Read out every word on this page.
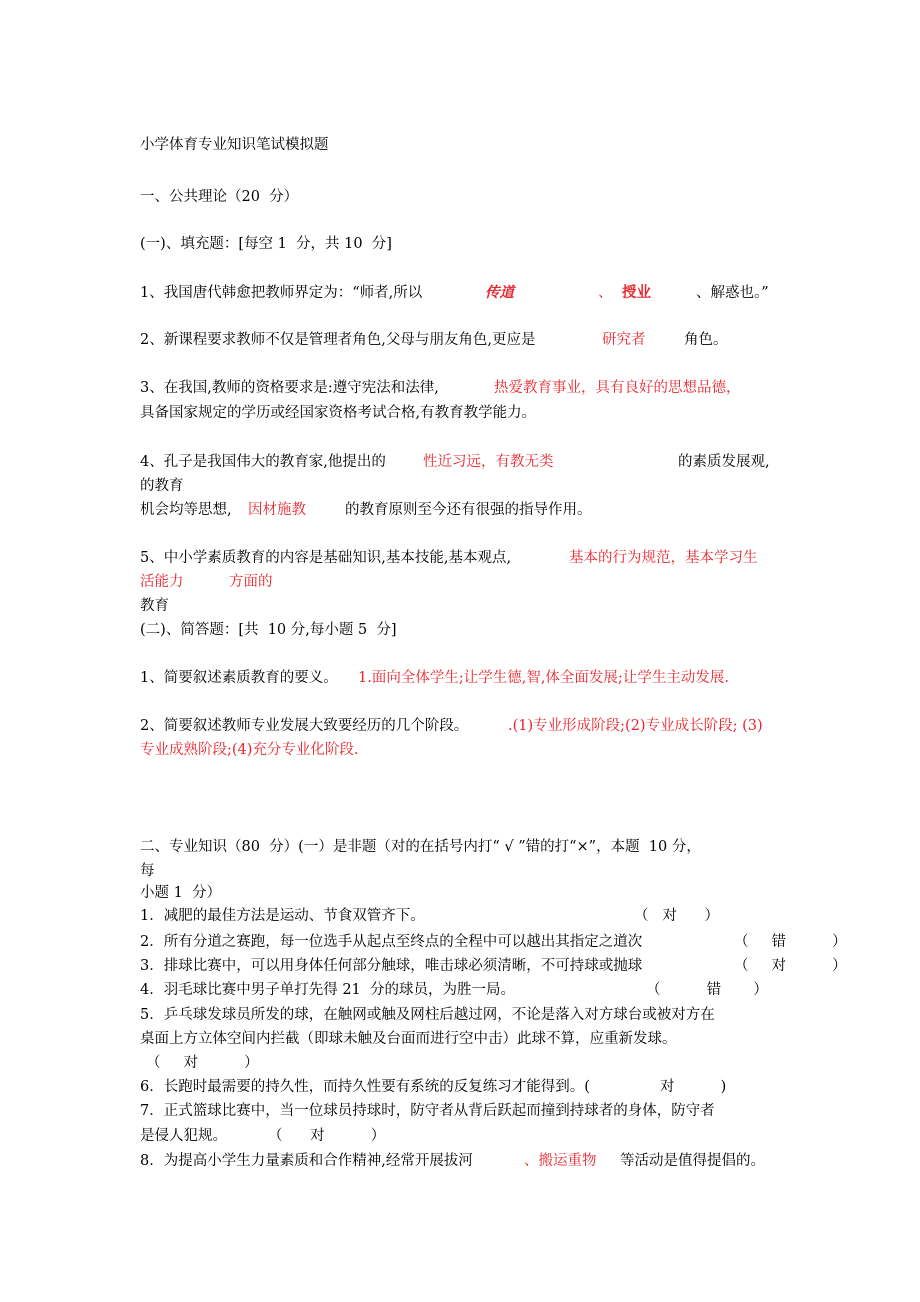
小学体育专业知识笔试模拟题
一、公共理论（20  分）
(一)、填充题：[每空 1  分，共 10  分]
1、我国唐代韩愈把教师界定为：“师者,所以	传道	、 授业	、解惑也。”
2、新课程要求教师不仅是管理者角色,父母与朋友角色,更应是	研究者	角色。
3、在我国,教师的资格要求是:遵守宪法和法律,	热爱教育事业，具有良好的思想品德，
具备国家规定的学历或经国家资格考试合格,有教育教学能力。
4、孔子是我国伟大的教育家,他提出的	性近习远，有教无类	的素质发展观,
的教育
机会均等思想, 因材施教	的教育原则至今还有很强的指导作用。
5、中小学素质教育的内容是基础知识,基本技能,基本观点,	基本的行为规范，基本学习生
活能力	方面的
教育
(二)、简答题：[共  10 分,每小题 5  分]
1、简要叙述素质教育的要义。 1.面向全体学生;让学生德,智,体全面发展;让学生主动发展.
2、简要叙述教师专业发展大致要经历的几个阶段。	.(1)专业形成阶段;(2)专业成长阶段; (3)
专业成熟阶段;(4)充分专业化阶段.
二、专业知识（80  分）(一）是非题（对的在括号内打“ √ ”错的打“×”，本题  10 分，
每
小题 1  分）
1．减肥的最佳方法是运动、节食双管齐下。	（   对      ）
2．所有分道之赛跑，每一位选手从起点至终点的全程中可以越出其指定之道次	（     错          ）
3．排球比赛中，可以用身体任何部分触球，唯击球必须清晰，不可持球或抛球	（     对          ）
4．羽毛球比赛中男子单打先得 21  分的球员，为胜一局。	（          错       ）
5．乒乓球发球员所发的球，在触网或触及网柱后越过网，不论是落入对方球台或被对方在
桌面上方立体空间内拦截（即球未触及台面而进行空中击）此球不算，应重新发球。
（     对          ）
6．长跑时最需要的持久性，而持久性要有系统的反复练习才能得到。(	对          )
7．正式篮球比赛中，当一位球员持球时，防守者从背后跃起而撞到持球者的身体，防守者
是侵人犯规。	（      对          ）
8．为提高小学生力量素质和合作精神,经常开展拔河	、搬运重物 等活动是值得提倡的。
